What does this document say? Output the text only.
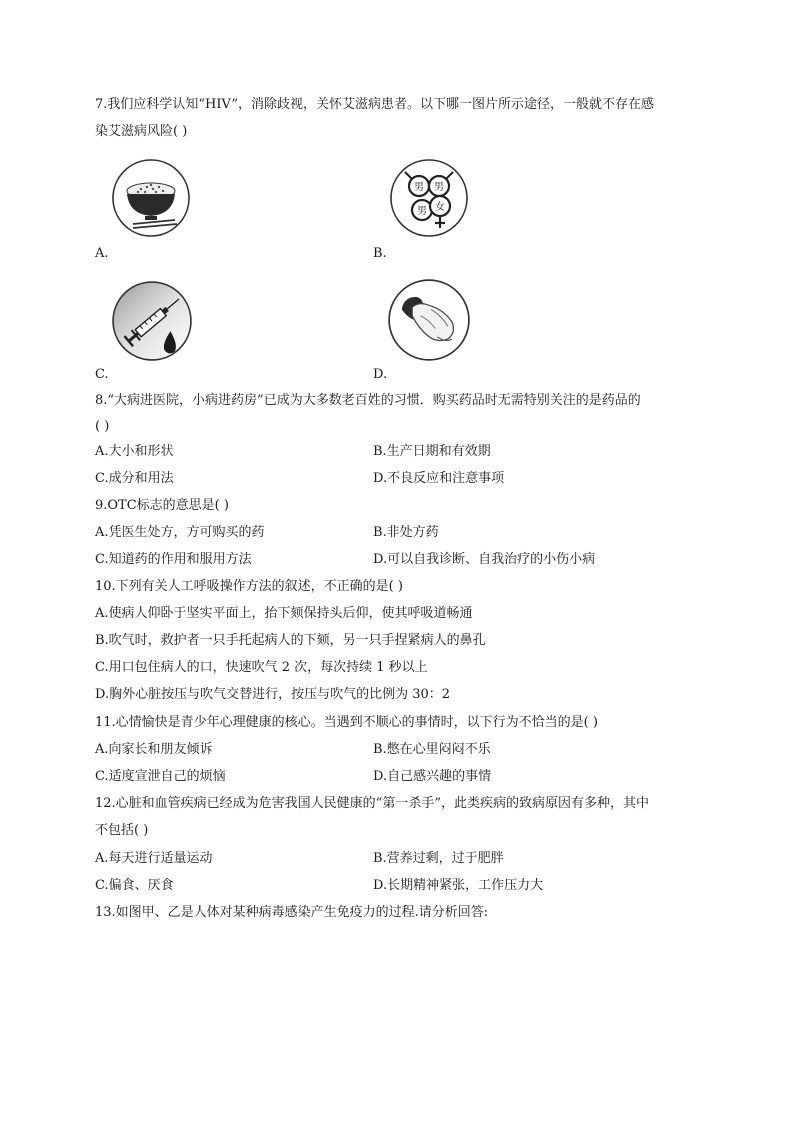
7.我们应科学认知“HIV”，消除歧视，关怀艾滋病患者。以下哪一图片所示途径，一般就不存在感
染艾滋病风险( )
A.
男 男
男 女
B.
C.	D.
8.“大病进医院，小病进药房”已成为大多数老百姓的习惯．购买药品时无需特别关注的是药品的
( )
A.大小和形状	B.生产日期和有效期
C.成分和用法	D.不良反应和注意事项
9.OTC标志的意思是( )
A.凭医生处方，方可购买的药	B.非处方药
C.知道药的作用和服用方法	D.可以自我诊断、自我治疗的小伤小病
10.下列有关人工呼吸操作方法的叙述，不正确的是( )
A.使病人仰卧于坚实平面上，抬下颏保持头后仰，使其呼吸道畅通
B.吹气时，救护者一只手托起病人的下颏，另一只手捏紧病人的鼻孔
C.用口包住病人的口，快速吹气 2 次，每次持续 1 秒以上
D.胸外心脏按压与吹气交替进行，按压与吹气的比例为 30：2
11.心情愉快是青少年心理健康的核心。当遇到不顺心的事情时，以下行为不恰当的是( )
A.向家长和朋友倾诉	B.憋在心里闷闷不乐
C.适度宣泄自己的烦恼	D.自己感兴趣的事情
12.心脏和血管疾病已经成为危害我国人民健康的“第一杀手”，此类疾病的致病原因有多种，其中
不包括( )
A.每天进行适量运动	B.营养过剩，过于肥胖
C.偏食、厌食	D.长期精神紧张，工作压力大
13.如图甲、乙是人体对某种病毒感染产生免疫力的过程.请分析回答:
